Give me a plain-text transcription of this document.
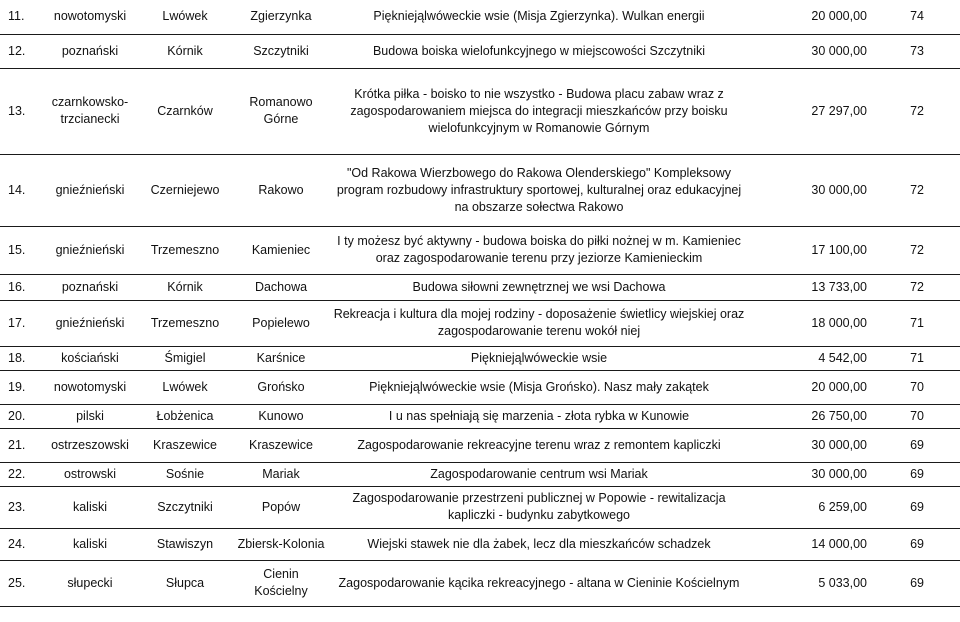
11.	nowotomyski	Lwówek	Zgierzynka	Piękniejąlwóweckie wsie (Misja Zgierzynka). Wulkan energii	20 000,00	74
12.	poznański	Kórnik	Szczytniki	Budowa boiska wielofunkcyjnego w miejscowości Szczytniki	30 000,00	73
13.	czarnkowsko-trzcianecki	Czarnków	Romanowo Górne	Krótka piłka - boisko to nie wszystko - Budowa placu zabaw wraz z zagospodarowaniem miejsca do integracji mieszkańców przy boisku wielofunkcyjnym w Romanowie Górnym	27 297,00	72
14.	gnieźnieński	Czerniejewo	Rakowo	"Od Rakowa Wierzbowego do Rakowa Olenderskiego" Kompleksowy program rozbudowy infrastruktury sportowej, kulturalnej oraz edukacyjnej na obszarze sołectwa Rakowo	30 000,00	72
15.	gnieźnieński	Trzemeszno	Kamieniec	I ty możesz być aktywny - budowa boiska do piłki nożnej w m. Kamieniec oraz zagospodarowanie terenu przy jeziorze Kamienieckim	17 100,00	72
16.	poznański	Kórnik	Dachowa	Budowa siłowni zewnętrznej we wsi Dachowa	13 733,00	72
17.	gnieźnieński	Trzemeszno	Popielewo	Rekreacja i kultura dla mojej rodziny - doposażenie świetlicy wiejskiej oraz zagospodarowanie terenu wokół niej	18 000,00	71
18.	kościański	Śmigiel	Karśnice	Piękniejąlwóweckie wsie	4 542,00	71
19.	nowotomyski	Lwówek	Grońsko	Piękniejąlwóweckie wsie (Misja Grońsko). Nasz mały zakątek	20 000,00	70
20.	pilski	Łobżenica	Kunowo	I u nas spełniają się marzenia - złota rybka w Kunowie	26 750,00	70
21.	ostrzeszowski	Kraszewice	Kraszewice	Zagospodarowanie rekreacyjne terenu wraz z remontem kapliczki	30 000,00	69
22.	ostrowski	Sośnie	Mariak	Zagospodarowanie centrum wsi Mariak	30 000,00	69
23.	kaliski	Szczytniki	Popów	Zagospodarowanie przestrzeni publicznej w Popowie - rewitalizacja kapliczki - budynku zabytkowego	6 259,00	69
24.	kaliski	Stawiszyn	Zbiersk-Kolonia	Wiejski stawek nie dla żabek, lecz dla mieszkańców schadzek	14 000,00	69
25.	słupecki	Słupca	Cienin Kościelny	Zagospodarowanie kącika rekreacyjnego - altana w Cieninie Kościelnym	5 033,00	69
